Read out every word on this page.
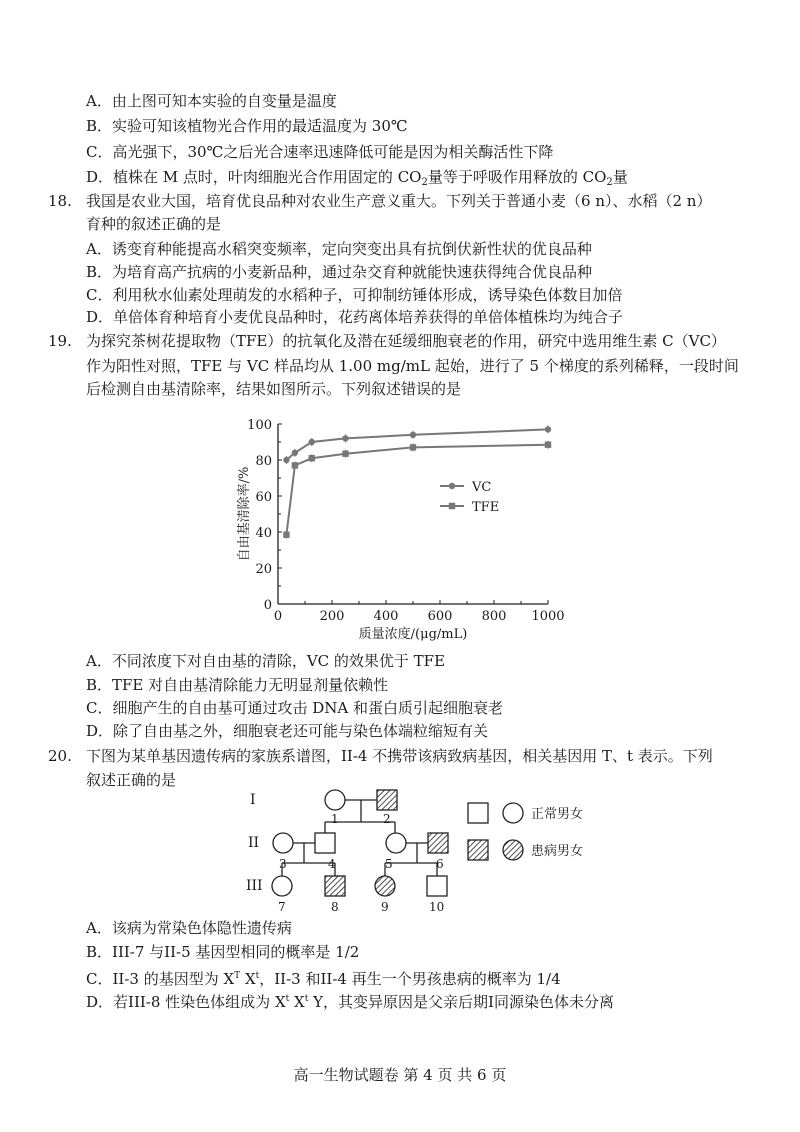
A．由上图可知本实验的自变量是温度
B．实验可知该植物光合作用的最适温度为 30℃
C．高光强下，30℃之后光合速率迅速降低可能是因为相关酶活性下降
D．植株在 M 点时，叶肉细胞光合作用固定的 $CO_2$量等于呼吸作用释放的 $CO_2$量
18. 我国是农业大国，培育优良品种对农业生产意义重大。下列关于普通小麦（6 n）、水稻（2 n）
育种的叙述正确的是
A．诱变育种能提高水稻突变频率，定向突变出具有抗倒伏新性状的优良品种
B．为培育高产抗病的小麦新品种，通过杂交育种就能快速获得纯合优良品种
C．利用秋水仙素处理萌发的水稻种子，可抑制纺锤体形成，诱导染色体数目加倍
D．单倍体育种培育小麦优良品种时，花药离体培养获得的单倍体植株均为纯合子
19. 为探究茶树花提取物（TFE）的抗氧化及潜在延缓细胞衰老的作用，研究中选用维生素 C（VC）
作为阳性对照，TFE 与 VC 样品均从 1.00 mg/mL 起始，进行了 5 个梯度的系列稀释，一段时间
后检测自由基清除率，结果如图所示。下列叙述错误的是
0
20
40
60
80
100
0	200 400 600 800 1000
质量浓度/(μg/mL)
自由基清除率/%	VC
TFE
A．不同浓度下对自由基的清除，VC 的效果优于 TFE
B．TFE 对自由基清除能力无明显剂量依赖性
C．细胞产生的自由基可通过攻击 DNA 和蛋白质引起细胞衰老
D．除了自由基之外，细胞衰老还可能与染色体端粒缩短有关
20. 下图为某单基因遗传病的家族系谱图，II-4 不携带该病致病基因，相关基因用 T、t 表示。下列
叙述正确的是
I
II
III
1	2
3	4	5	6
7	8	9	10
正常男女
患病男女
A．该病为常染色体隐性遗传病
B．III-7 与II-5 基因型相同的概率是 1/2
C．II-3 的基因型为 $X^T$ $X^t$，II-3 和II-4 再生一个男孩患病的概率为 1/4
D．若III-8 性染色体组成为 $X^t$ $X^t$ Y，其变异原因是父亲后期I同源染色体未分离
高一生物试题卷 第 4 页 共 6 页
